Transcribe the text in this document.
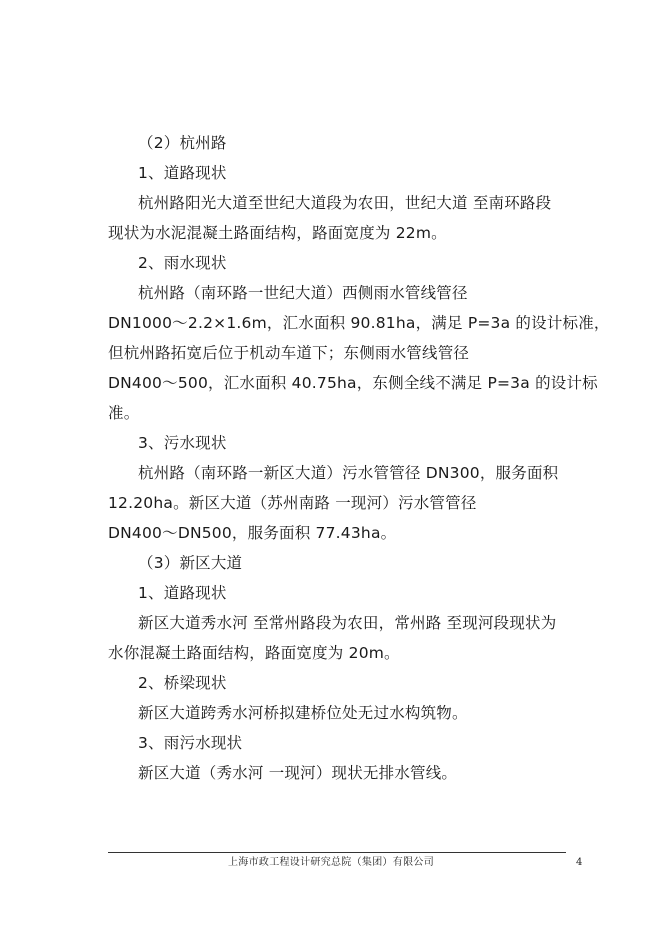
（2）杭州路
1、道路现状
杭州路阳光大道至世纪大道段为农田，世纪大道 至南环路段
现状为水泥混凝土路面结构，路面宽度为 22m。
2、雨水现状
杭州路（南环路一世纪大道）西侧雨水管线管径
DN1000～2.2×1.6m，汇水面积 90.81ha，满足 P=3a 的设计标准，
但杭州路拓宽后位于机动车道下；东侧雨水管线管径
DN400～500，汇水面积 40.75ha，东侧全线不满足 P=3a 的设计标
准。
3、污水现状
杭州路（南环路一新区大道）污水管管径 DN300，服务面积
12.20ha。新区大道（苏州南路 一现河）污水管管径
DN400～DN500，服务面积 77.43ha。
（3）新区大道
1、道路现状
新区大道秀水河 至常州路段为农田，常州路 至现河段现状为
水你混凝土路面结构，路面宽度为 20m。
2、桥梁现状
新区大道跨秀水河桥拟建桥位处无过水构筑物。
3、雨污水现状
新区大道（秀水河 一现河）现状无排水管线。
上海市政工程设计研究总院（集团）有限公司	4
